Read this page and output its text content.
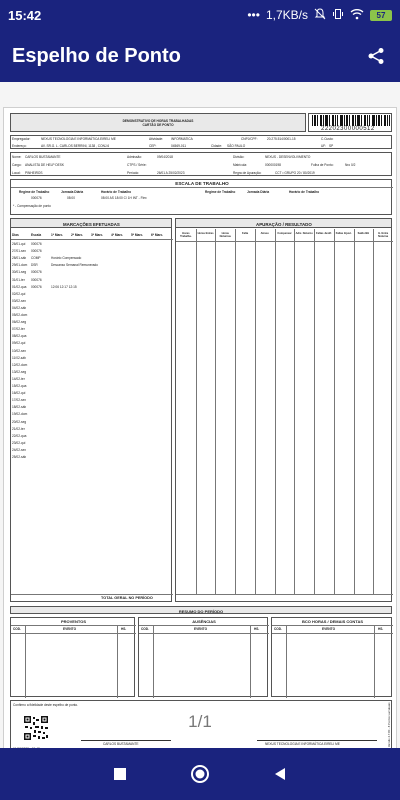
15:42	••• 1,7KB/s	57
Espelho de Ponto
DEMONSTRATIVO DE HORAS TRABALHADAS
CARTÃO DE PONTO
22202300000512
Empregador:	NEXUS TECNOLOGIA E INFORMÁTICA EIRELI ME	Atividade:	INFORMATICA	CNPJ/CPF:	20.275.514/0001-15	C.Custo:
Endereço:	AV. SR.G. L. CARLOS BERRINI, 1138 , CONJ.6	CEP:	04569-011	Cidade: SÃO PAULO	UF: SP
Nome: CARLOS BUSTAMANTE	Admissão:	09/04/2018	Divisão:	NEXUS - DESENVOLVIMENTO
Cargo: ANALISTA DE HELP DESK	CTPS / Série:	Matrícula:	000000198	Folha de Ponto:	Nro 0/2
Local: PINHEIROS	Período:	26/01 A 25/02/2023	Regra de Apuração:	CCT • GRUPO 20 / 80/2019
ESCALA DE TRABALHO
Regime de Trabalho	Jornada Diária	Horário de Trabalho	Regime de Trabalho	Jornada Diária	Horário de Trabalho
000076	08:00	08:00 AS 18:00 C/ 1H INT - Flex
* - Compensação de ponto
MARCAÇÕES EFETUADAS
Dias	Escala	1ª Marc. 2ª Marc. 3ª Marc. 4ª Marc. 5ª Marc. 6ª Marc.
26/01-qui 000076
27/01-sex 000076
28/01-sáb COMP	Horário Compensado
29/01-dom DSR	Descanso Semanal Remunerado
30/01-seg 000076
31/01-ter 000076
01/02-qua 000076	12:06 12:17 12:15
02/02-qui
03/02-sex
04/02-sáb
05/02-dom
06/02-seg
07/02-ter
08/02-qua
09/02-qui
10/02-sex
11/02-sáb
12/02-dom
13/02-seg
14/02-ter
15/02-qua
16/02-qui
17/02-sex
18/02-sáb
19/02-dom
20/02-seg
21/02-ter
22/02-qua
23/02-qui
24/02-sex
25/02-sáb
TOTAL GERAL NO PERÍODO
APURAÇÃO / RESULTADO
Horas Trabalha.
Horas Extras	Horas Noturnas
Falta	Atraso	Compensar	Adic. Noturno	Faltas Justif.	Faltas Injust.	Saldo BH	H. Extra Noturna
RESUMO DO PERÍODO
PROVENTOS
COD.	EVENTO	HS.
AUSÊNCIAS
COD.	EVENTO	HS.
BCO HORAS / DEMAIS CONTAS
COD.	EVENTO	HS.
Confirmo a fidelidade deste espelho de ponto.
CARLOS BUSTAMANTE	NEXUS TECNOLOGIA E INFORMÁTICA EIRELI ME	Versão 4.7.80 - 8 Pontos Lucratuais
1/1
